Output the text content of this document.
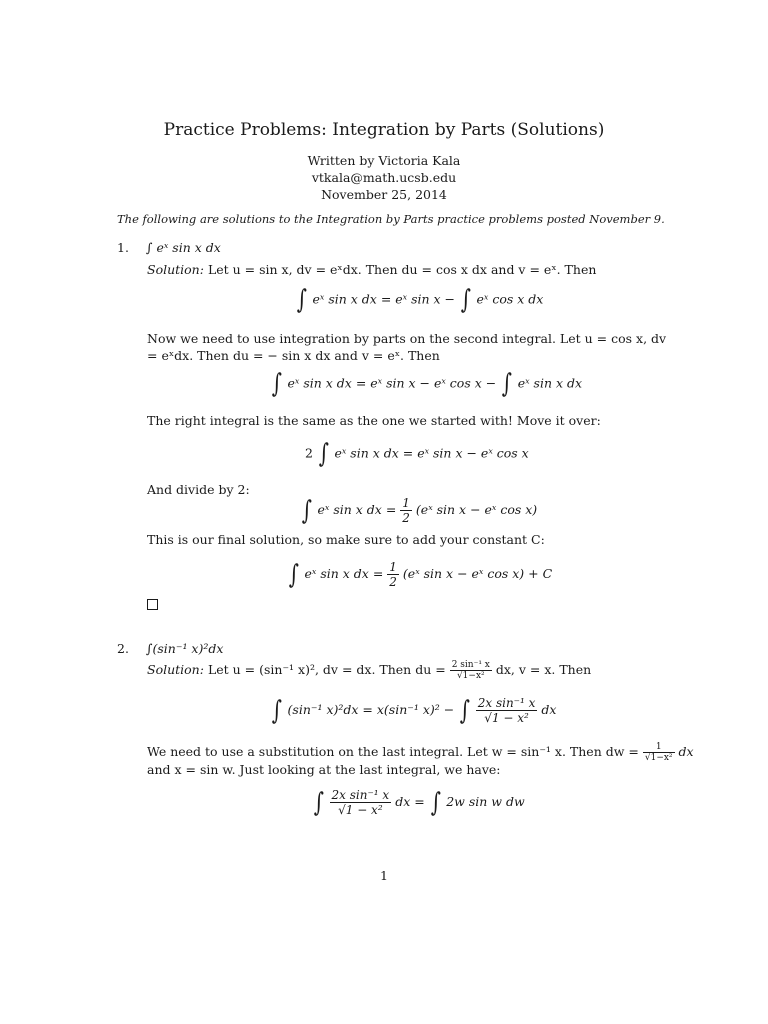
Practice Problems: Integration by Parts (Solutions)
Written by Victoria Kala
vtkala@math.ucsb.edu
November 25, 2014
The following are solutions to the Integration by Parts practice problems posted November 9.
1. ∫ eˣ sin x dx
Solution: Let u = sin x, dv = eˣdx. Then du = cos x dx and v = eˣ. Then
∫ eˣ sin x dx = eˣ sin x − ∫ eˣ cos x dx
Now we need to use integration by parts on the second integral. Let u = cos x, dv = eˣdx. Then du = − sin x dx and v = eˣ. Then
∫ eˣ sin x dx = eˣ sin x − eˣ cos x − ∫ eˣ sin x dx
The right integral is the same as the one we started with! Move it over:
2 ∫ eˣ sin x dx = eˣ sin x − eˣ cos x
And divide by 2:
∫ eˣ sin x dx = $\frac{1}{2}$ (eˣ sin x − eˣ cos x)
This is our final solution, so make sure to add your constant C:
∫ eˣ sin x dx = $\frac{1}{2}$ (eˣ sin x − eˣ cos x) + C
2. ∫(sin⁻¹ x)²dx
Solution: Let u = (sin⁻¹ x)², dv = dx. Then du = $\frac{\text{2 sin⁻¹ x}}{\text{√1−x²}}$ dx, v = x. Then
∫ (sin⁻¹ x)²dx = x(sin⁻¹ x)² − ∫ $\frac{\text{2x sin⁻¹ x}}{\text{√1 − x²}}$ dx
We need to use a substitution on the last integral. Let w = sin⁻¹ x. Then dw = $\frac{1}{\text{√1−x²}}$ dx
and x = sin w. Just looking at the last integral, we have:
∫ $\frac{\text{2x sin⁻¹ x}}{\text{√1 − x²}}$ dx = ∫ 2w sin w dw
1
